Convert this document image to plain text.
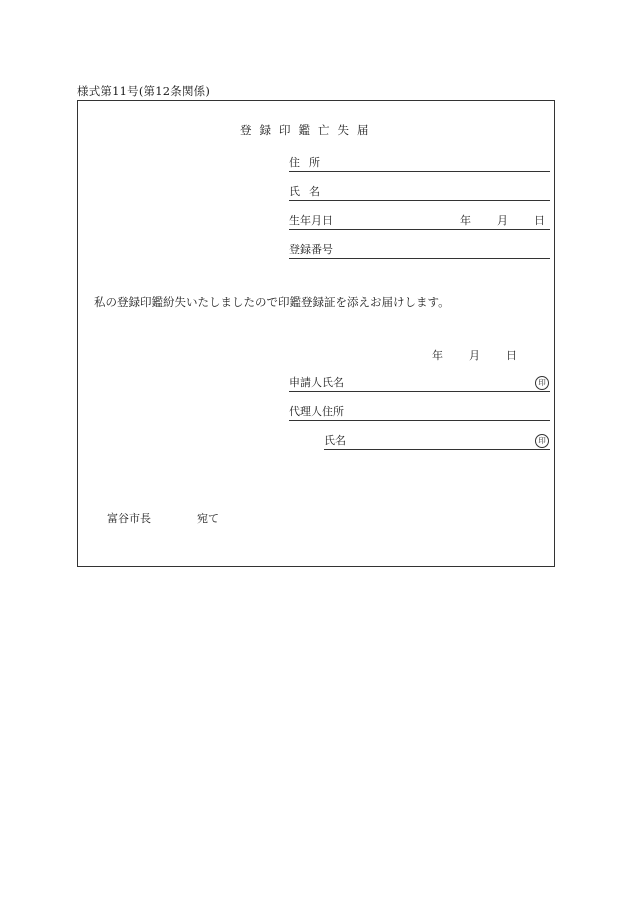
様式第11号(第12条関係)
登録印鑑亡失届
住所
氏名
生年月日	年 月 日
登録番号
私の登録印鑑紛失いたしましたので印鑑登録証を添えお届けします。
年 月 日
申請人氏名	印
代理人住所
氏名	印
富谷市長	宛て
